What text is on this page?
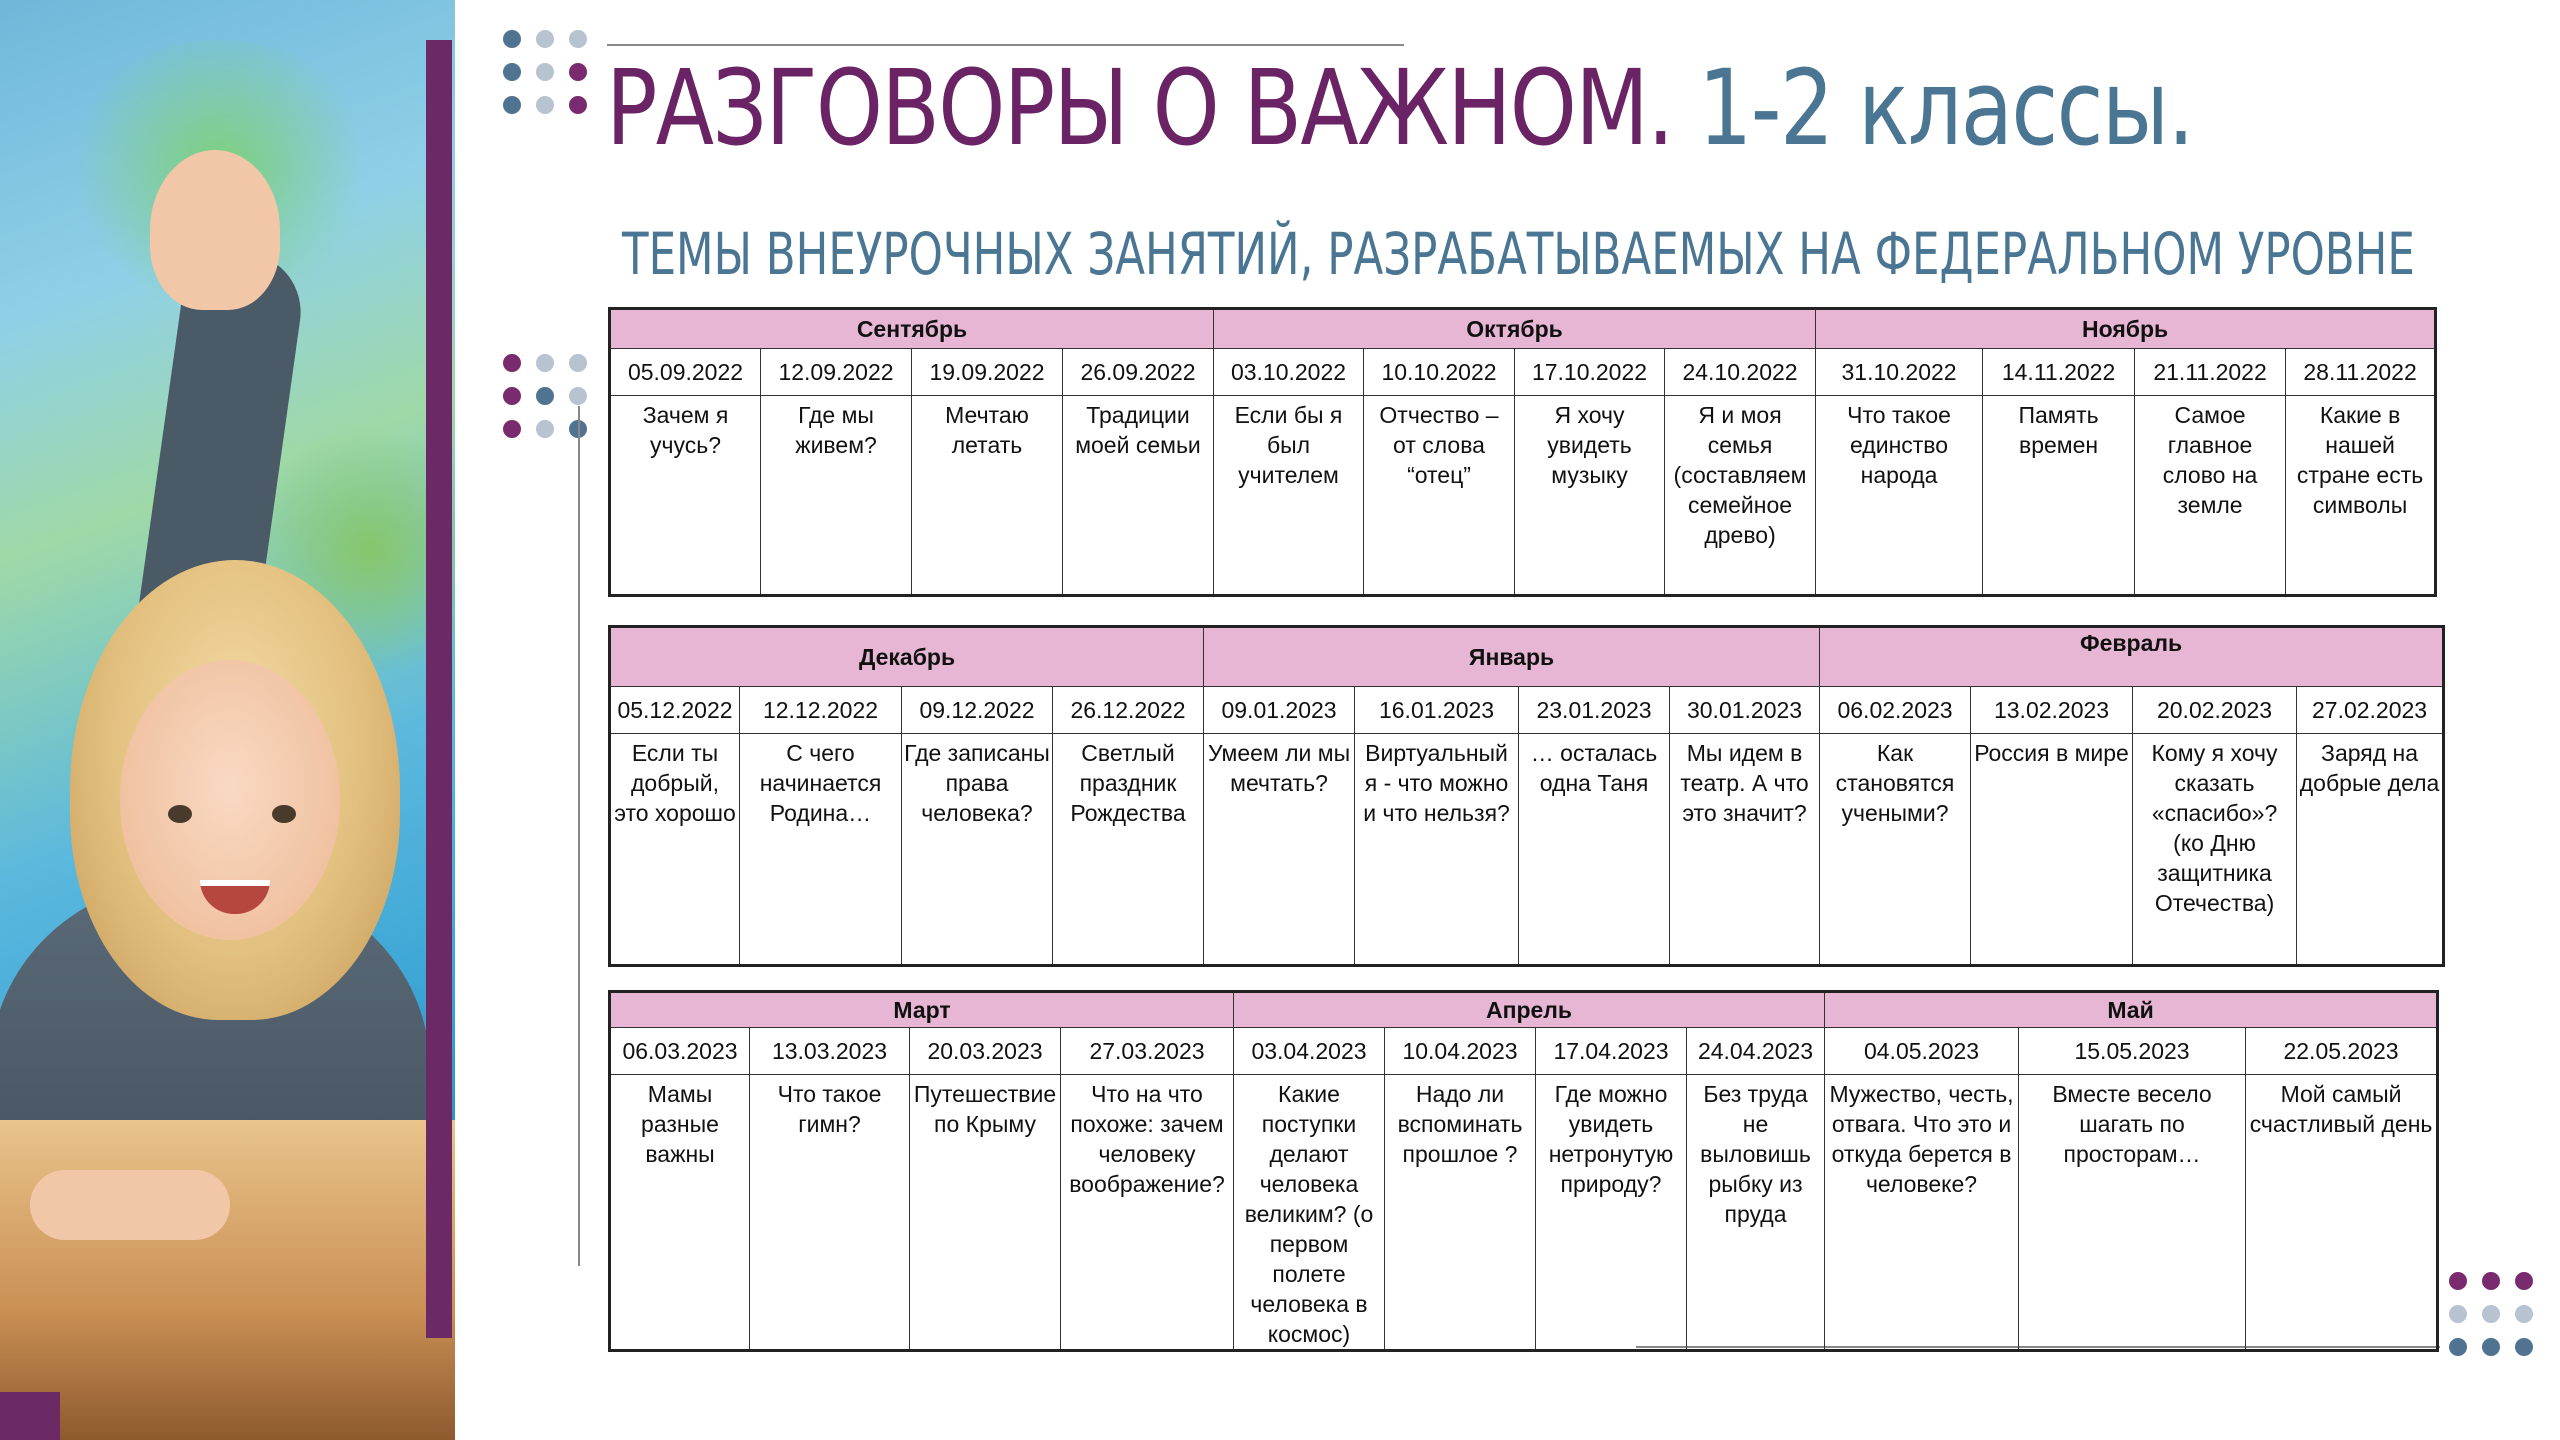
РАЗГОВОРЫ О ВАЖНОМ. 1-2 классы.
ТЕМЫ ВНЕУРОЧНЫХ ЗАНЯТИЙ, РАЗРАБАТЫВАЕМЫХ НА ФЕДЕРАЛЬНОМ УРОВНЕ
Сентябрь				Октябрь				Ноябрь			
05.09.2022	12.09.2022	19.09.2022	26.09.2022	03.10.2022	10.10.2022	17.10.2022	24.10.2022	31.10.2022	14.11.2022	21.11.2022	28.11.2022
Зачем я учусь?	Где мы живем?	Мечтаю летать	Традиции моей семьи	Если бы я был учителем	Отчество – от слова “отец”	Я хочу увидеть музыку	Я и моя семья (составляем семейное древо)	Что такое единство народа	Память времен	Самое главное слово на земле	Какие в нашей стране есть символы
Декабрь				Январь				Февраль			

05.12.2022	12.12.2022	09.12.2022	26.12.2022	09.01.2023	16.01.2023	23.01.2023	30.01.2023	06.02.2023	13.02.2023	20.02.2023	27.02.2023
Если ты добрый, это хорошо	С чего начинается Родина…	Где записаны права человека?	Светлый праздник Рождества	Умеем ли мы мечтать?	Виртуальный я - что можно и что нельзя?	… осталась одна Таня	Мы идем в театр. А что это значит?	Как становятся учеными?	Россия в мире	Кому я хочу сказать «спасибо»? (ко Дню защитника Отечества)	Заряд на добрые дела
Март				Апрель				Май		
06.03.2023	13.03.2023	20.03.2023	27.03.2023	03.04.2023	10.04.2023	17.04.2023	24.04.2023	04.05.2023	15.05.2023	22.05.2023
Мамы разные важны	Что такое гимн?	Путешествие по Крыму	Что на что похоже: зачем человеку воображение?	Какие поступки делают человека великим? (о первом полете человека в космос)	Надо ли вспоминать прошлое ?	Где можно увидеть нетронутую природу?	Без труда не выловишь рыбку из пруда	Мужество, честь, отвага. Что это и откуда берется в человеке?	Вместе весело шагать по просторам…	Мой самый счастливый день
